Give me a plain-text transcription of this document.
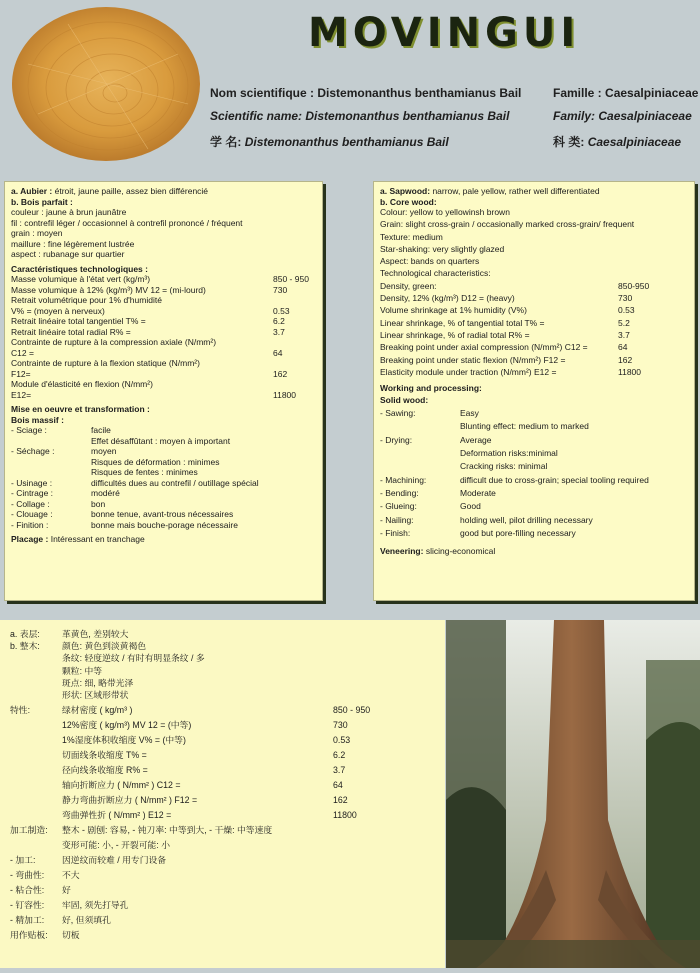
MOVINGUI
Nom scientifique : Distemonanthus benthamianus Bail	Famille : Caesalpiniaceae
Scientific name: Distemonanthus benthamianus Bail	Family: Caesalpiniaceae
学 名: Distemonanthus benthamianus Bail	科 类: Caesalpiniaceae
a. Aubier : étroit, jaune paille, assez bien différencié
b. Bois parfait :
couleur : jaune à brun jaunâtre
fil : contrefil léger / occasionnel à contrefil prononcé / fréquent
grain : moyen
maillure : fine légèrement lustrée
aspect : rubanage sur quartier
Caractéristiques technologiques :
Masse volumique à l'état vert (kg/m³)	850 - 950
Masse volumique à 12% (kg/m³) MV 12 = (mi-lourd)	730
Retrait volumétrique pour 1% d'humidité
V% = (moyen à nerveux)	0.53
Retrait linéaire total tangentiel T% =	6.2
Retrait linéaire total radial R% =	3.7
Contrainte de rupture à la compression axiale (N/mm²)
C12 =	64
Contrainte de rupture à la flexion statique (N/mm²)
F12=	162
Module d'élasticité en flexion (N/mm²)
E12=	11800
Mise en oeuvre et transformation :
Bois massif :
- Sciage :	facile
Effet désaffûtant : moyen à important
- Séchage :	moyen
Risques de déformation : minimes
Risques de fentes : minimes
- Usinage :	difficultés dues au contrefil / outillage spécial
- Cintrage :	modéré
- Collage :	bon
- Clouage :	bonne tenue, avant-trous nécessaires
- Finition :	bonne mais bouche-porage nécessaire
Placage : Intéressant en tranchage
a. Sapwood: narrow, pale yellow, rather well differentiated
b. Core wood:
Colour: yellow to yellowinsh brown
Grain: slight cross-grain / occasionally marked cross-grain/ frequent
Texture: medium
Star-shaking: very slightly glazed
Aspect: bands on quarters
Technological characteristics:
Density, green:	850-950
Density, 12% (kg/m³) D12 = (heavy)	730
Volume shrinkage at 1% humidity (V%)	0.53
Linear shrinkage, % of tangential total T% =	5.2
Linear shrinkage, % of radial total R% =	3.7
Breaking point under axial compression (N/mm²) C12 =	64
Breaking point under static flexion (N/mm²) F12 =	162
Elasticity module under traction (N/mm²) E12 =	11800
Working and processing:
Solid wood:
- Sawing:	Easy
Blunting effect: medium to marked
- Drying:	Average
Deformation risks:minimal
Cracking risks: minimal
- Machining:	difficult due to cross-grain; special tooling required
- Bending:	Moderate
- Glueing:	Good
- Nailing:	holding well, pilot drilling necessary
- Finish:	good but pore-filling necessary
Veneering: slicing-economical
a. 表层:	革黄色, 差别较大
b. 整木:	颜色: 黄色到淡黄褐色
条纹: 轻度逆纹 / 有时有明显条纹 / 多
颗粒: 中等
斑点: 细, 略带光泽
形状: 区域形带状
特性:	绿材密度 ( kg/m³ )	850 - 950
12%密度 ( kg/m³) MV 12 = (中等)	730
1%湿度体积收缩度 V% = (中等)	0.53
切面线条收缩度 T% =	6.2
径向线条收缩度 R% =	3.7
轴向折断应力 ( N/mm² ) C12 =	64
静力弯曲折断应力 ( N/mm² ) F12 =	162
弯曲弹性折 ( N/mm² ) E12 =	11800
加工制造: 整木 - 剧刨: 容易, - 钝刀率: 中等到大, - 干燥: 中等速度
变形可能: 小, - 开裂可能: 小
- 加工:	因逆纹而较难 / 用专门设备
- 弯曲性: 不大
- 粘合性: 好
- 钉容性: 牢固, 须先打导孔
- 精加工: 好, 但须填孔
用作贴板: 切板
